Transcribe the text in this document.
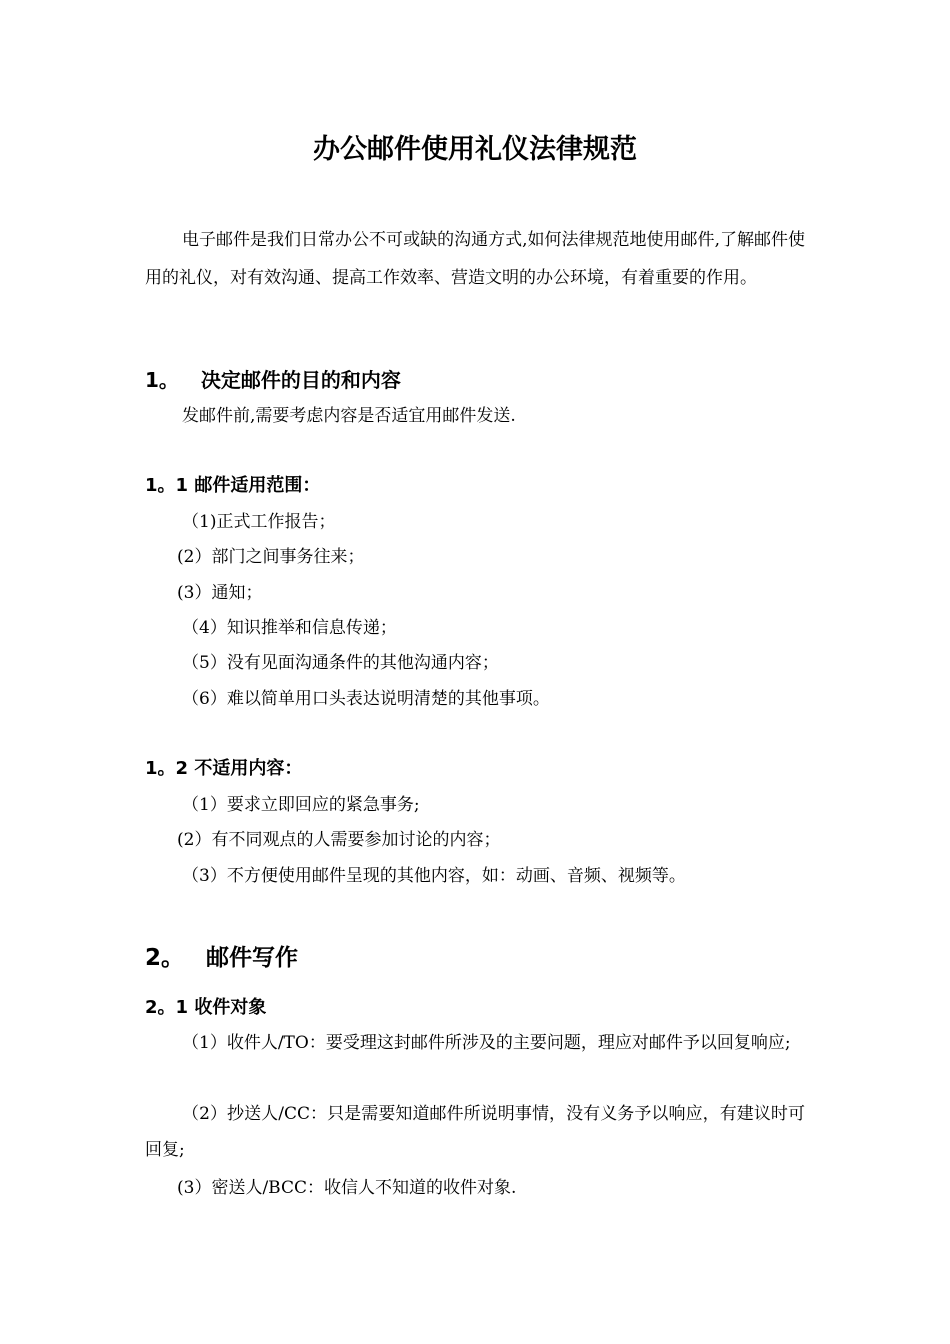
办公邮件使用礼仪法律规范

电子邮件是我们日常办公不可或缺的沟通方式,如何法律规范地使用邮件,了解邮件使用的礼仪，对有效沟通、提高工作效率、营造文明的办公环境，有着重要的作用。

1。 决定邮件的目的和内容

发邮件前,需要考虑内容是否适宜用邮件发送.

1。1 邮件适用范围：

（1)正式工作报告；

(2）部门之间事务往来；

(3）通知；

（4）知识推举和信息传递；

（5）没有见面沟通条件的其他沟通内容；

（6）难以简单用口头表达说明清楚的其他事项。

1。2 不适用内容：

（1）要求立即回应的紧急事务;

(2）有不同观点的人需要参加讨论的内容；

（3）不方便使用邮件呈现的其他内容，如：动画、音频、视频等。

2。 邮件写作
2。1 收件对象

（1）收件人/TO：要受理这封邮件所涉及的主要问题，理应对邮件予以回复响应;

（2）抄送人/CC：只是需要知道邮件所说明事情，没有义务予以响应，有建议时可回复;

(3）密送人/BCC：收信人不知道的收件对象.
